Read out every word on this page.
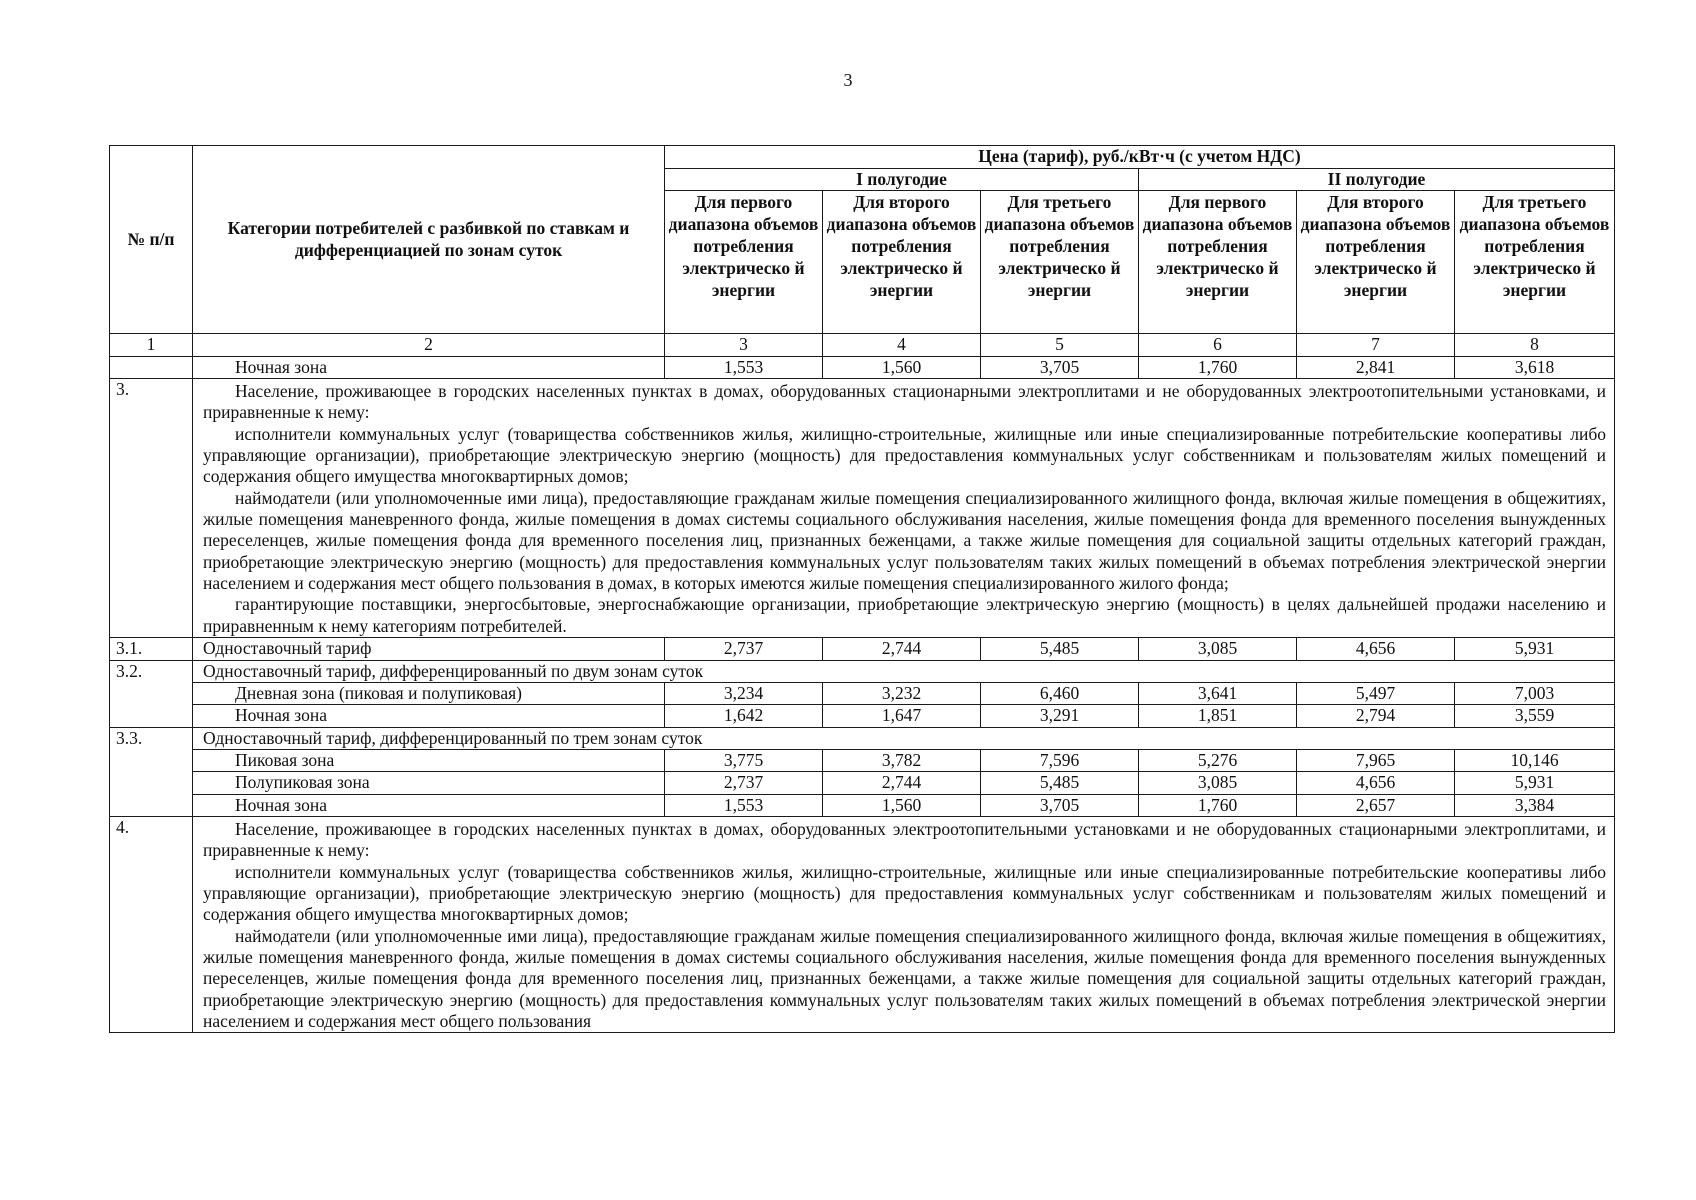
3
№ п/п	Категории потребителей с разбивкой по ставкам и дифференциацией по зонам суток	Цена (тариф), руб./кВт·ч (с учетом НДС)					
		I полугодие			II полугодие		
		Для первого диапазона объемов потребления электрическо й энергии	Для второго диапазона объемов потребления электрическо й энергии	Для третьего диапазона объемов потребления электрическо й энергии	Для первого диапазона объемов потребления электрическо й энергии	Для второго диапазона объемов потребления электрическо й энергии	Для третьего диапазона объемов потребления электрическо й энергии
1	2	3	4	5	6	7	8
	Ночная зона	1,553	1,560	3,705	1,760	2,841	3,618
3.	Население, проживающее в городских населенных пунктах в домах, оборудованных стационарными электроплитами и не оборудованных электроотопительными установками, и приравненные к нему:

исполнители коммунальных услуг (товарищества собственников жилья, жилищно-строительные, жилищные или иные специализированные потребительские кооперативы либо управляющие организации), приобретающие электрическую энергию (мощность) для предоставления коммунальных услуг собственникам и пользователям жилых помещений и содержания общего имущества многоквартирных домов;

наймодатели (или уполномоченные ими лица), предоставляющие гражданам жилые помещения специализированного жилищного фонда, включая жилые помещения в общежитиях, жилые помещения маневренного фонда, жилые помещения в домах системы социального обслуживания населения, жилые помещения фонда для временного поселения вынужденных переселенцев, жилые помещения фонда для временного поселения лиц, признанных беженцами, а также жилые помещения для социальной защиты отдельных категорий граждан, приобретающие электрическую энергию (мощность) для предоставления коммунальных услуг пользователям таких жилых помещений в объемах потребления электрической энергии населением и содержания мест общего пользования в домах, в которых имеются жилые помещения специализированного жилого фонда;

гарантирующие поставщики, энергосбытовые, энергоснабжающие организации, приобретающие электрическую энергию (мощность) в целях дальнейшей продажи населению и приравненным к нему категориям потребителей.						

3.1.	Одноставочный тариф	2,737	2,744	5,485	3,085	4,656	5,931
3.2.	Одноставочный тариф, дифференцированный по двум зонам суток						
	Дневная зона (пиковая и полупиковая)	3,234	3,232	6,460	3,641	5,497	7,003
	Ночная зона	1,642	1,647	3,291	1,851	2,794	3,559
3.3.	Одноставочный тариф, дифференцированный по трем зонам суток						
	Пиковая зона	3,775	3,782	7,596	5,276	7,965	10,146
	Полупиковая зона	2,737	2,744	5,485	3,085	4,656	5,931
	Ночная зона	1,553	1,560	3,705	1,760	2,657	3,384
4.	Население, проживающее в городских населенных пунктах в домах, оборудованных электроотопительными установками и не оборудованных стационарными электроплитами, и приравненные к нему:

исполнители коммунальных услуг (товарищества собственников жилья, жилищно-строительные, жилищные или иные специализированные потребительские кооперативы либо управляющие организации), приобретающие электрическую энергию (мощность) для предоставления коммунальных услуг собственникам и пользователям жилых помещений и содержания общего имущества многоквартирных домов;

наймодатели (или уполномоченные ими лица), предоставляющие гражданам жилые помещения специализированного жилищного фонда, включая жилые помещения в общежитиях, жилые помещения маневренного фонда, жилые помещения в домах системы социального обслуживания населения, жилые помещения фонда для временного поселения вынужденных переселенцев, жилые помещения фонда для временного поселения лиц, признанных беженцами, а также жилые помещения для социальной защиты отдельных категорий граждан, приобретающие электрическую энергию (мощность) для предоставления коммунальных услуг пользователям таких жилых помещений в объемах потребления электрической энергии населением и содержания мест общего пользования						
